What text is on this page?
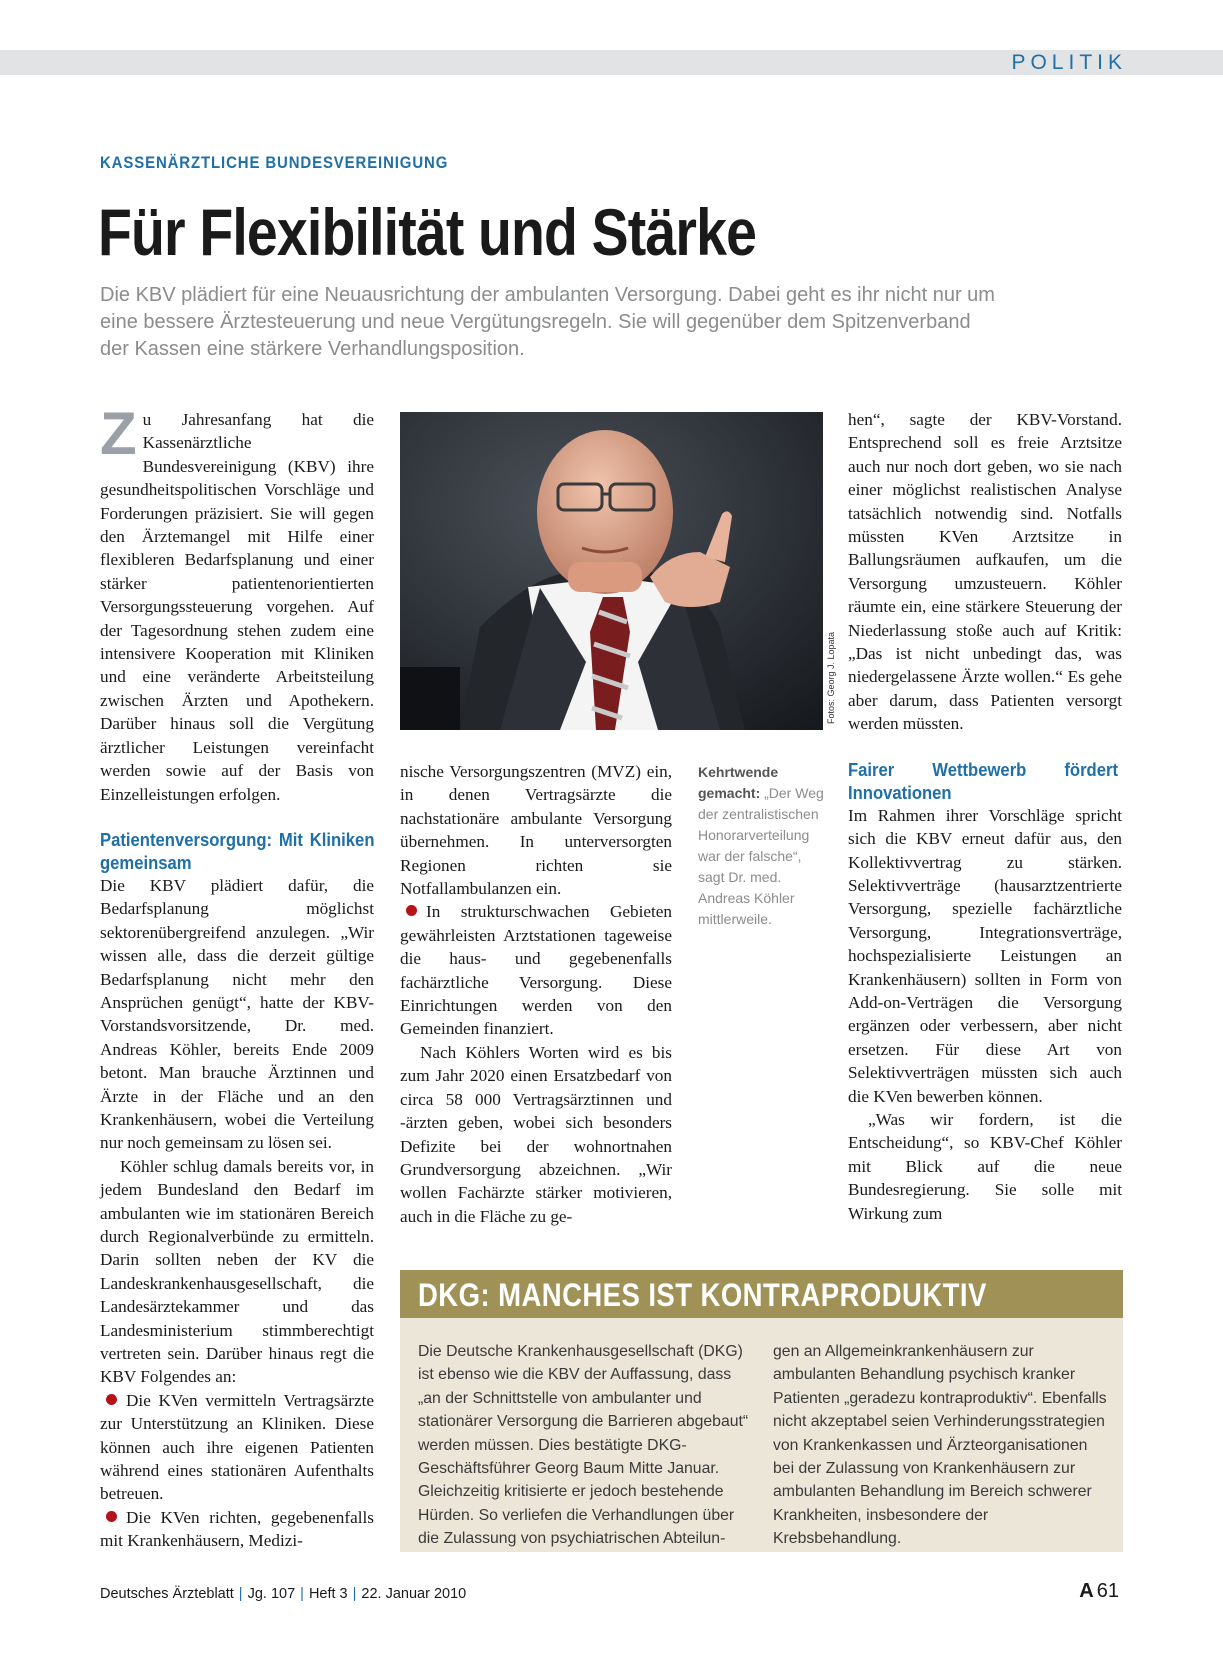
POLITIK
KASSENÄRZTLICHE BUNDESVEREINIGUNG
Für Flexibilität und Stärke

Die KBV plädiert für eine Neuausrichtung der ambulanten Versorgung. Dabei geht es ihr nicht nur um eine bessere Ärztesteuerung und neue Vergütungsregeln. Sie will gegenüber dem Spitzenverband der Kassen eine stärkere Verhandlungsposition.

Zu Jahresanfang hat die Kassenärztliche Bundesvereinigung (KBV) ihre gesundheitspolitischen Vorschläge und Forderungen präzisiert. Sie will gegen den Ärztemangel mit Hilfe einer flexibleren Bedarfsplanung und einer stärker patientenorientierten Versorgungssteuerung vorgehen. Auf der Tagesordnung stehen zudem eine intensivere Kooperation mit Kliniken und eine veränderte Arbeitsteilung zwischen Ärzten und Apothekern. Darüber hinaus soll die Vergütung ärztlicher Leistungen vereinfacht werden sowie auf der Basis von Einzelleistungen erfolgen.

Patientenversorgung: Mit Kliniken gemeinsam

Die KBV plädiert dafür, die Bedarfsplanung möglichst sektorenübergreifend anzulegen. „Wir wissen alle, dass die derzeit gültige Bedarfsplanung nicht mehr den Ansprüchen genügt“, hatte der KBV-Vorstandsvorsitzende, Dr. med. Andreas Köhler, bereits Ende 2009 betont. Man brauche Ärztinnen und Ärzte in der Fläche und an den Krankenhäusern, wobei die Verteilung nur noch gemeinsam zu lösen sei.

Köhler schlug damals bereits vor, in jedem Bundesland den Bedarf im ambulanten wie im stationären Bereich durch Regionalverbünde zu ermitteln. Darin sollten neben der KV die Landeskrankenhausgesellschaft, die Landesärztekammer und das Landesministerium stimmberechtigt vertreten sein. Darüber hinaus regt die KBV Folgendes an:

Die KVen vermitteln Vertragsärzte zur Unterstützung an Kliniken. Diese können auch ihre eigenen Patienten während eines stationären Aufenthalts betreuen.

Die KVen richten, gegebenenfalls mit Krankenhäusern, Medizi-

Fotos: Georg J. Lopata

nische Versorgungszentren (MVZ) ein, in denen Vertragsärzte die nachstationäre ambulante Versorgung übernehmen. In unterversorgten Regionen richten sie Notfallambulanzen ein.

In strukturschwachen Gebieten gewährleisten Arztstationen tageweise die haus- und gegebenenfalls fachärztliche Versorgung. Diese Einrichtungen werden von den Gemeinden finanziert.

Nach Köhlers Worten wird es bis zum Jahr 2020 einen Ersatzbedarf von circa 58 000 Vertragsärztinnen und -ärzten geben, wobei sich besonders Defizite bei der wohnortnahen Grundversorgung abzeichnen. „Wir wollen Fachärzte stärker motivieren, auch in die Fläche zu ge-

Kehrtwende gemacht: „Der Weg der zentralistischen Honorarverteilung war der falsche“, sagt Dr. med. Andreas Köhler mittlerweile.

hen“, sagte der KBV-Vorstand. Entsprechend soll es freie Arztsitze auch nur noch dort geben, wo sie nach einer möglichst realistischen Analyse tatsächlich notwendig sind. Notfalls müssten KVen Arztsitze in Ballungsräumen aufkaufen, um die Versorgung umzusteuern. Köhler räumte ein, eine stärkere Steuerung der Niederlassung stoße auch auf Kritik: „Das ist nicht unbedingt das, was niedergelassene Ärzte wollen.“ Es gehe aber darum, dass Patienten versorgt werden müssten.

Fairer Wettbewerb fördert Innovationen

Im Rahmen ihrer Vorschläge spricht sich die KBV erneut dafür aus, den Kollektivvertrag zu stärken. Selektivverträge (hausarztzentrierte Versorgung, spezielle fachärztliche Versorgung, Integrationsverträge, hochspezialisierte Leistungen an Krankenhäusern) sollten in Form von Add-on-Verträgen die Versorgung ergänzen oder verbessern, aber nicht ersetzen. Für diese Art von Selektivverträgen müssten sich auch die KVen bewerben können.

„Was wir fordern, ist die Entscheidung“, so KBV-Chef Köhler mit Blick auf die neue Bundesregierung. Sie solle mit Wirkung zum

DKG: MANCHES IST KONTRAPRODUKTIV

Die Deutsche Krankenhausgesellschaft (DKG) ist ebenso wie die KBV der Auffassung, dass „an der Schnittstelle von ambulanter und stationärer Versorgung die Barrieren abgebaut“ werden müssen. Dies bestätigte DKG-Geschäftsführer Georg Baum Mitte Januar. Gleichzeitig kritisierte er jedoch bestehende Hürden. So verliefen die Verhandlungen über die Zulassung von psychiatrischen Abteilun-

gen an Allgemeinkrankenhäusern zur ambulanten Behandlung psychisch kranker Patienten „geradezu kontraproduktiv“. Ebenfalls nicht akzeptabel seien Verhinderungsstrategien von Krankenkassen und Ärzteorganisationen bei der Zulassung von Krankenhäusern zur ambulanten Behandlung im Bereich schwerer Krankheiten, insbesondere der Krebsbehandlung.

Deutsches Ärzteblatt | Jg. 107 | Heft 3 | 22. Januar 2010	A 61
